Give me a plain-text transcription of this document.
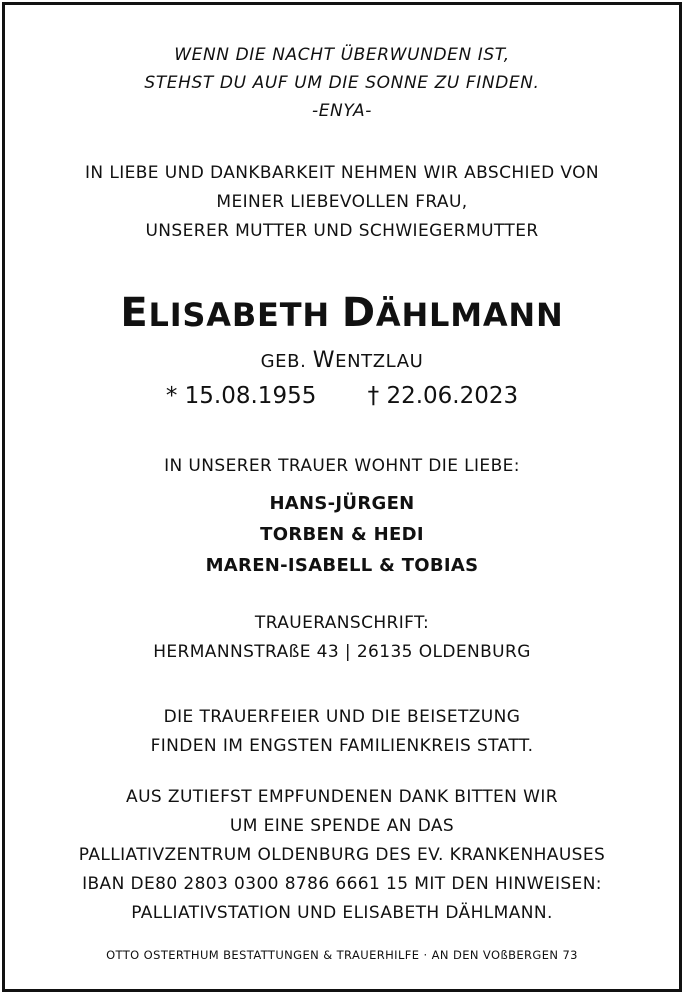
WENN DIE NACHT ÜBERWUNDEN IST,
STEHST DU AUF UM DIE SONNE ZU FINDEN.
-ENYA-
IN LIEBE UND DANKBARKEIT NEHMEN WIR ABSCHIED VON
MEINER LIEBEVOLLEN FRAU,
UNSERER MUTTER UND SCHWIEGERMUTTER
ELISABETH DÄHLMANN
GEB. WENTZLAU
* 15.08.1955 † 22.06.2023
IN UNSERER TRAUER WOHNT DIE LIEBE:
HANS-JÜRGEN
TORBEN & HEDI
MAREN-ISABELL & TOBIAS
TRAUERANSCHRIFT:
HERMANNSTRAßE 43 | 26135 OLDENBURG
DIE TRAUERFEIER UND DIE BEISETZUNG
FINDEN IM ENGSTEN FAMILIENKREIS STATT.
AUS ZUTIEFST EMPFUNDENEN DANK BITTEN WIR
UM EINE SPENDE AN DAS
PALLIATIVZENTRUM OLDENBURG DES EV. KRANKENHAUSES
IBAN DE80 2803 0300 8786 6661 15 MIT DEN HINWEISEN:
PALLIATIVSTATION UND ELISABETH DÄHLMANN.
OTTO OSTERTHUM BESTATTUNGEN & TRAUERHILFE · AN DEN VOßBERGEN 73
